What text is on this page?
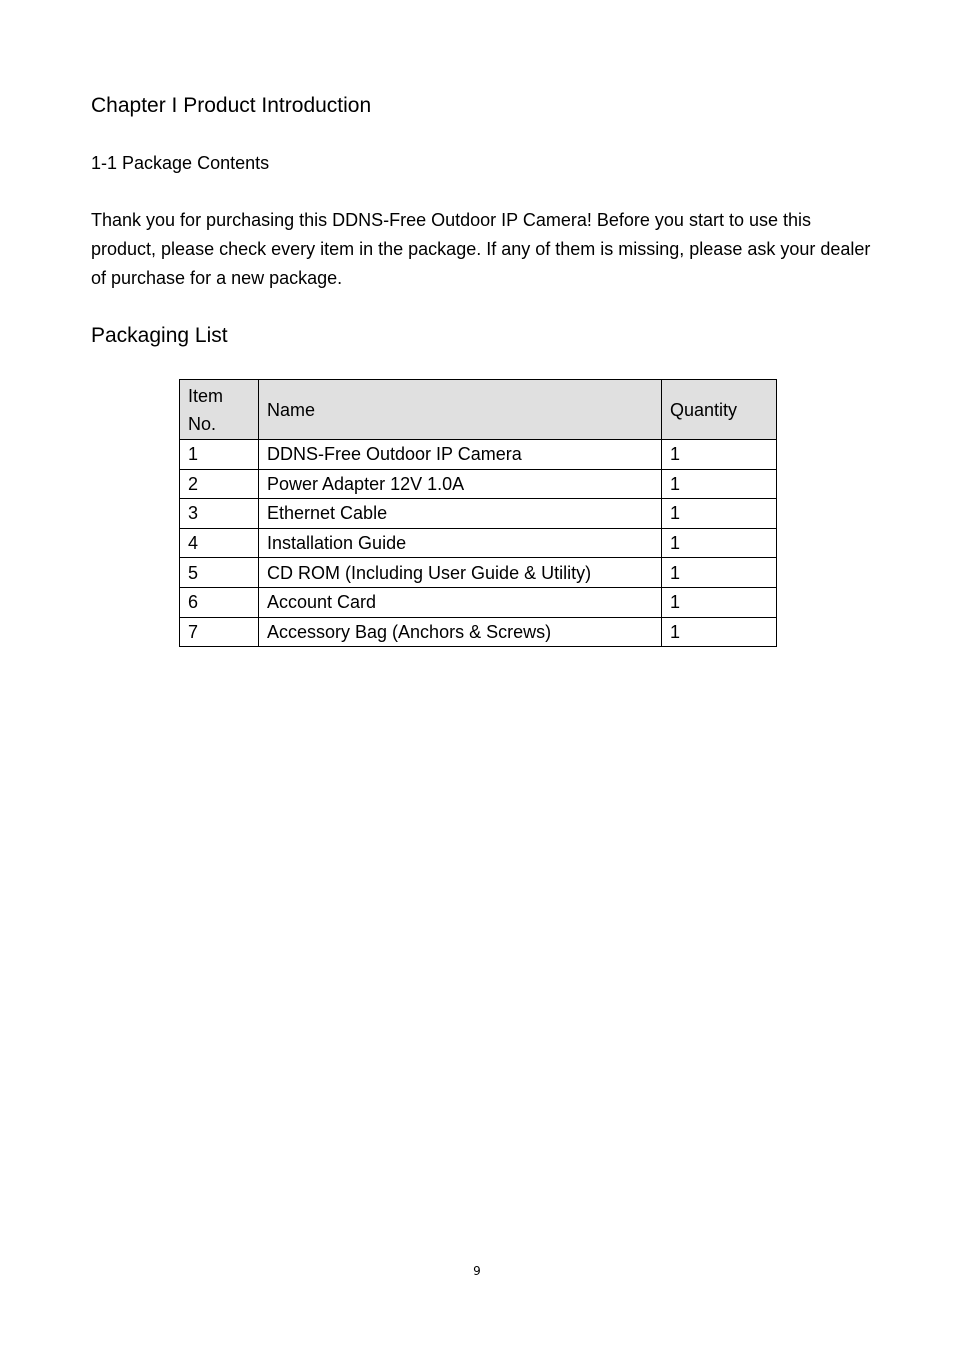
Chapter I Product Introduction
1-1 Package Contents

Thank you for purchasing this DDNS-Free Outdoor IP Camera! Before you start to use this product, please check every item in the package. If any of them is missing, please ask your dealer of purchase for a new package.

Packaging List
Item No.	Name	Quantity
1	DDNS-Free Outdoor IP Camera	1
2	Power Adapter 12V 1.0A	1
3	Ethernet Cable	1
4	Installation Guide	1
5	CD ROM (Including User Guide & Utility)	1
6	Account Card	1
7	Accessory Bag (Anchors & Screws)	1
9
